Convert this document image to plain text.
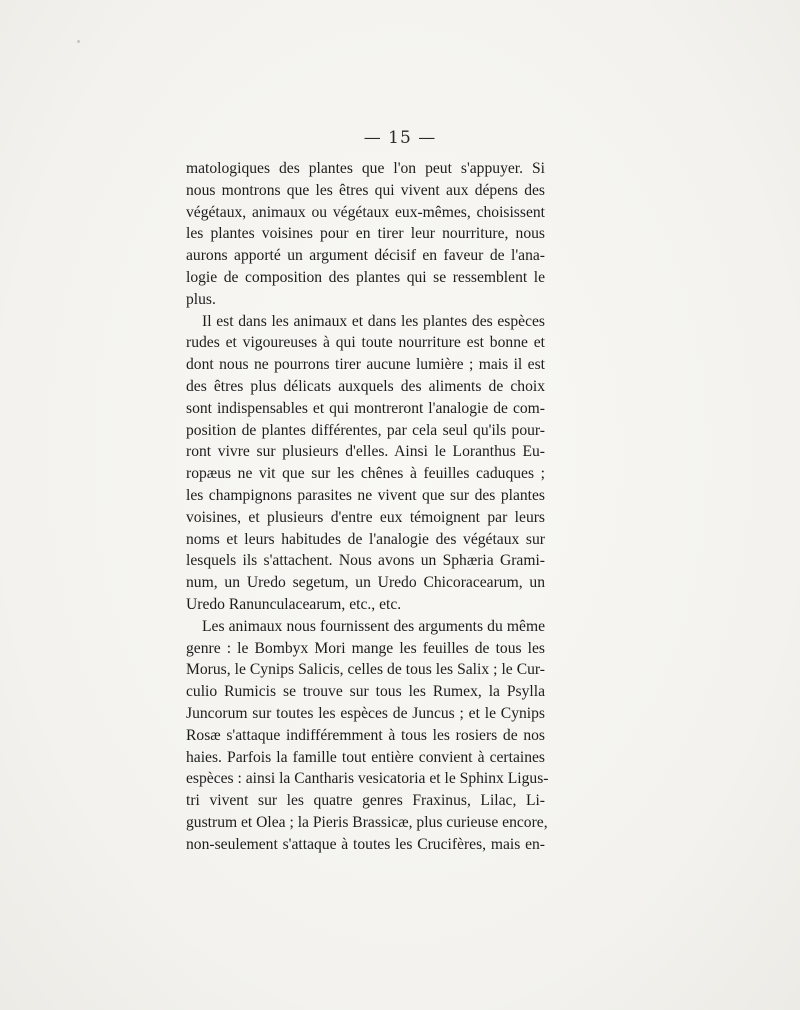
— 15 —
matologiques des plantes que l'on peut s'appuyer. Si
nous montrons que les êtres qui vivent aux dépens des
végétaux, animaux ou végétaux eux-mêmes, choisissent
les plantes voisines pour en tirer leur nourriture, nous
aurons apporté un argument décisif en faveur de l'ana-
logie de composition des plantes qui se ressemblent le
plus.
Il est dans les animaux et dans les plantes des espèces
rudes et vigoureuses à qui toute nourriture est bonne et
dont nous ne pourrons tirer aucune lumière ; mais il est
des êtres plus délicats auxquels des aliments de choix
sont indispensables et qui montreront l'analogie de com-
position de plantes différentes, par cela seul qu'ils pour-
ront vivre sur plusieurs d'elles. Ainsi le Loranthus Eu-
ropæus ne vit que sur les chênes à feuilles caduques ;
les champignons parasites ne vivent que sur des plantes
voisines, et plusieurs d'entre eux témoignent par leurs
noms et leurs habitudes de l'analogie des végétaux sur
lesquels ils s'attachent. Nous avons un Sphæria Grami-
num, un Uredo segetum, un Uredo Chicoracearum, un
Uredo Ranunculacearum, etc., etc.
Les animaux nous fournissent des arguments du même
genre : le Bombyx Mori mange les feuilles de tous les
Morus, le Cynips Salicis, celles de tous les Salix ; le Cur-
culio Rumicis se trouve sur tous les Rumex, la Psylla
Juncorum sur toutes les espèces de Juncus ; et le Cynips
Rosæ s'attaque indifféremment à tous les rosiers de nos
haies. Parfois la famille tout entière convient à certaines
espèces : ainsi la Cantharis vesicatoria et le Sphinx Ligus-
tri vivent sur les quatre genres Fraxinus, Lilac, Li-
gustrum et Olea ; la Pieris Brassicæ, plus curieuse encore,
non-seulement s'attaque à toutes les Crucifères, mais en-
